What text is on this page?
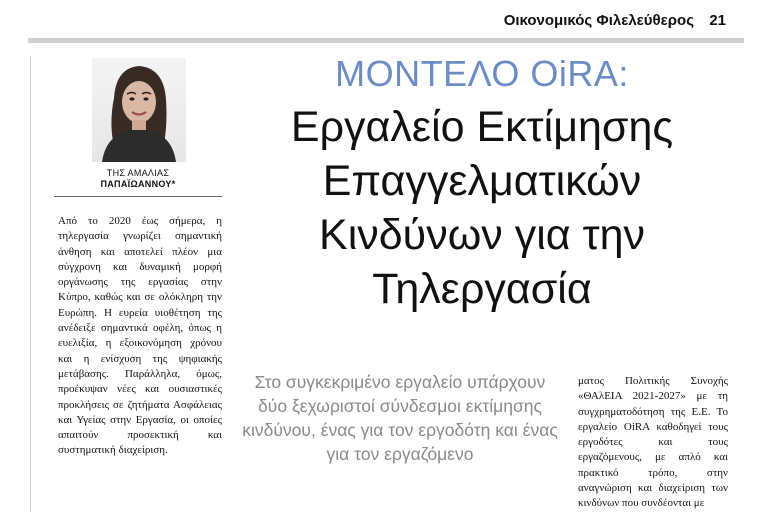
Οικονομικός Φιλελεύθερος 21
ΤΗΣ ΑΜΑΛΙΑΣ
ΠΑΠΑΪΩΑΝΝΟΥ*
Από το 2020 έως σήμερα, η τηλεργασία γνωρίζει σημαντική άνθηση και αποτελεί πλέον μια σύγχρονη και δυναμική μορφή οργάνωσης της εργασίας στην Κύπρο, καθώς και σε ολόκληρη την Ευρώπη. Η ευρεία υιοθέτηση της ανέδειξε σημαντικά οφέλη, όπως η ευελιξία, η εξοικονόμηση χρόνου και η ενίσχυση της ψηφιακής μετάβασης. Παράλληλα, όμως, προέκυψαν νέες και ουσιαστικές προκλήσεις σε ζητήματα Ασφάλειας και Υγείας στην Εργασία, οι οποίες απαιτούν προσεκτική και συστηματική διαχείριση.
ΜΟΝΤΕΛΟ OiRA:
Εργαλείο Εκτίμησης Επαγγελματικών Κινδύνων για την Τηλεργασία
Στο συγκεκριμένο εργαλείο υπάρχουν δύο ξεχωριστοί σύνδεσμοι εκτίμησης κινδύνου, ένας για τον εργοδότη και ένας για τον εργαζόμενο
ματος Πολιτικής Συνοχής «ΘΑλΕΙΑ 2021-2027» με τη συγχρηματοδότηση της Ε.Ε. Το εργαλείο OiRA καθοδηγεί τους εργοδότες και τους εργαζόμενους, με απλό και πρακτικό τρόπο, στην αναγνώριση και διαχείριση των κινδύνων που συνδέονται με
